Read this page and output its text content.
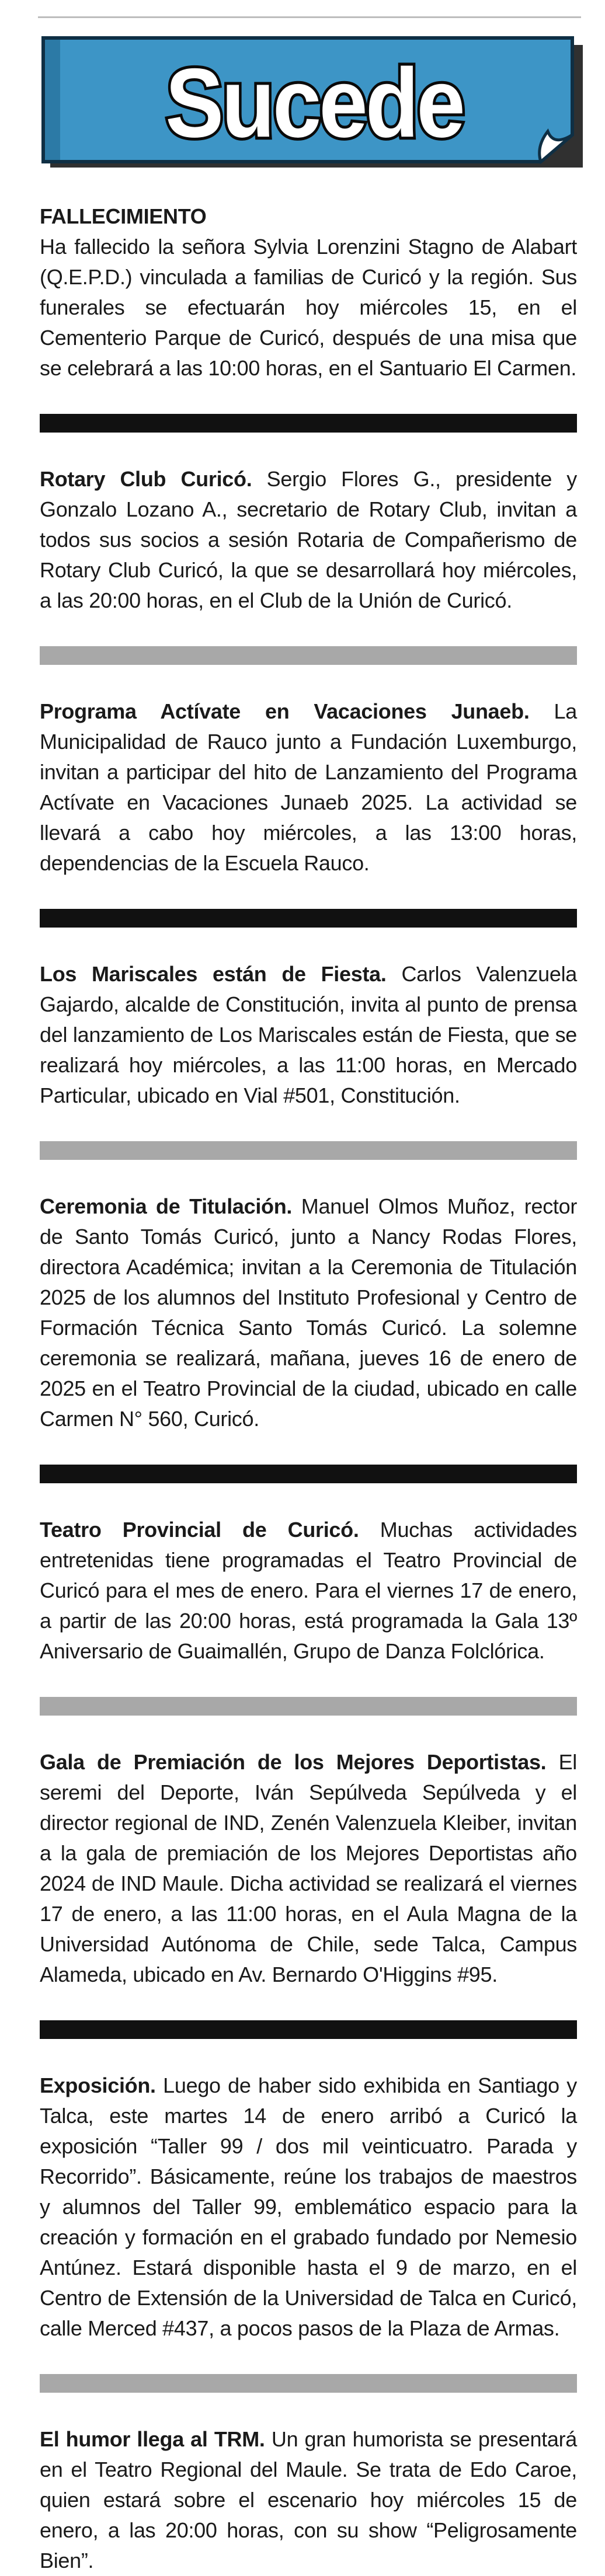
Sucede

FALLECIMIENTO

Ha fallecido la señora Sylvia Lorenzini Stagno de Alabart (Q.E.P.D.) vinculada a familias de Curicó y la región. Sus funerales se efectuarán hoy miércoles 15, en el Cementerio Parque de Curicó, después de una misa que se celebrará a las 10:00 horas, en el Santuario El Carmen.

Rotary Club Curicó. Sergio Flores G., presidente y Gonzalo Lozano A., secretario de Rotary Club, invitan a todos sus socios a sesión Rotaria de Compañerismo de Rotary Club Curicó, la que se desarrollará hoy miércoles, a las 20:00 horas, en el Club de la Unión de Curicó.

Programa Actívate en Vacaciones Junaeb. La Municipalidad de Rauco junto a Fundación Luxemburgo, invitan a participar del hito de Lanzamiento del Programa Actívate en Vacaciones Junaeb 2025. La actividad se llevará a cabo hoy miércoles, a las 13:00 horas, dependencias de la Escuela Rauco.

Los Mariscales están de Fiesta. Carlos Valenzuela Gajardo, alcalde de Constitución, invita al punto de prensa del lanzamiento de Los Mariscales están de Fiesta, que se realizará hoy miércoles, a las 11:00 horas, en Mercado Particular, ubicado en Vial #501, Constitución.

Ceremonia de Titulación. Manuel Olmos Muñoz, rector de Santo Tomás Curicó, junto a Nancy Rodas Flores, directora Académica; invitan a la Ceremonia de Titulación 2025 de los alumnos del Instituto Profesional y Centro de Formación Técnica Santo Tomás Curicó. La solemne ceremonia se realizará, mañana, jueves 16 de enero de 2025 en el Teatro Provincial de la ciudad, ubicado en calle Carmen N° 560, Curicó.

Teatro Provincial de Curicó. Muchas actividades entretenidas tiene programadas el Teatro Provincial de Curicó para el mes de enero. Para el viernes 17 de enero, a partir de las 20:00 horas, está programada la Gala 13º Aniversario de Guaimallén, Grupo de Danza Folclórica.

Gala de Premiación de los Mejores Deportistas. El seremi del Deporte, Iván Sepúlveda Sepúlveda y el director regional de IND, Zenén Valenzuela Kleiber, invitan a la gala de premiación de los Mejores Deportistas año 2024 de IND Maule. Dicha actividad se realizará el viernes 17 de enero, a las 11:00 horas, en el Aula Magna de la Universidad Autónoma de Chile, sede Talca, Campus Alameda, ubicado en Av. Bernardo O'Higgins #95.

Exposición. Luego de haber sido exhibida en Santiago y Talca, este martes 14 de enero arribó a Curicó la exposición “Taller 99 / dos mil veinticuatro. Parada y Recorrido”. Básicamente, reúne los trabajos de maestros y alumnos del Taller 99, emblemático espacio para la creación y formación en el grabado fundado por Nemesio Antúnez. Estará disponible hasta el 9 de marzo, en el Centro de Extensión de la Universidad de Talca en Curicó, calle Merced #437, a pocos pasos de la Plaza de Armas.

El humor llega al TRM. Un gran humorista se presentará en el Teatro Regional del Maule. Se trata de Edo Caroe, quien estará sobre el escenario hoy miércoles 15 de enero, a las 20:00 horas, con su show “Peligrosamente Bien”.
